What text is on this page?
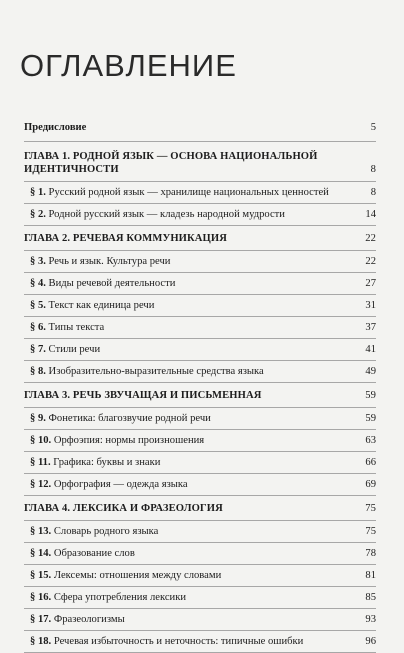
ОГЛАВЛЕНИЕ
Предисловие	5
ГЛАВА 1. РОДНОЙ ЯЗЫК — ОСНОВА НАЦИОНАЛЬНОЙ ИДЕНТИЧНОСТИ	8
§ 1. Русский родной язык — хранилище национальных ценностей	8
§ 2. Родной русский язык — кладезь народной мудрости	14
ГЛАВА 2. РЕЧЕВАЯ КОММУНИКАЦИЯ	22
§ 3. Речь и язык. Культура речи	22
§ 4. Виды речевой деятельности	27
§ 5. Текст как единица речи	31
§ 6. Типы текста	37
§ 7. Стили речи	41
§ 8. Изобразительно-выразительные средства языка	49
ГЛАВА 3. РЕЧЬ ЗВУЧАЩАЯ И ПИСЬМЕННАЯ	59
§ 9. Фонетика: благозвучие родной речи	59
§ 10. Орфоэпия: нормы произношения	63
§ 11. Графика: буквы и знаки	66
§ 12. Орфография — одежда языка	69
ГЛАВА 4. ЛЕКСИКА И ФРАЗЕОЛОГИЯ	75
§ 13. Словарь родного языка	75
§ 14. Образование слов	78
§ 15. Лексемы: отношения между словами	81
§ 16. Сфера употребления лексики	85
§ 17. Фразеологизмы	93
§ 18. Речевая избыточность и неточность: типичные ошибки	96
